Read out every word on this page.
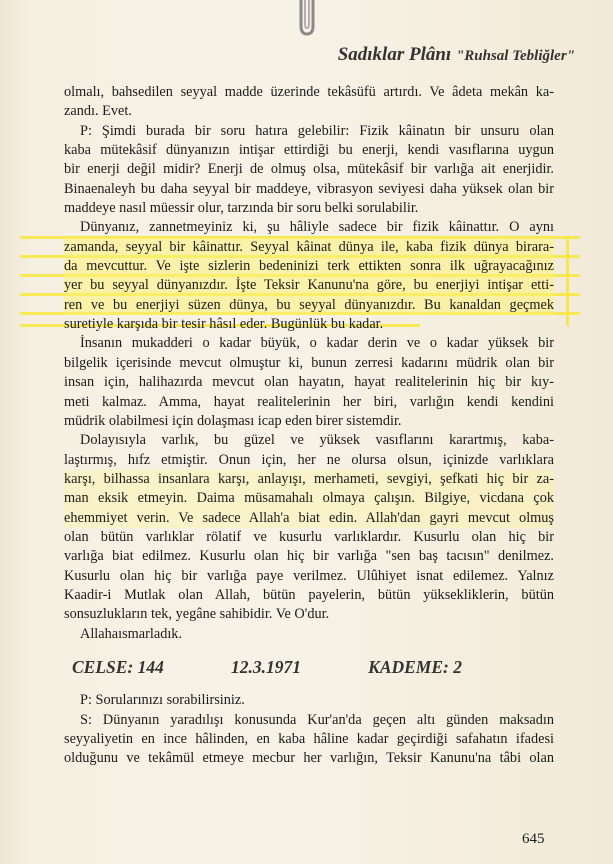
Sadıklar Plânı "Ruhsal Tebliğler"
olmalı, bahsedilen seyyal madde üzerinde tekâsüfü artırdı. Ve âdeta mekân ka-
zandı. Evet.
P: Şimdi burada bir soru hatıra gelebilir: Fizik kâinatın bir unsuru olan
kaba mütekâsif dünyanızın intişar ettirdiği bu enerji, kendi vasıflarına uygun
bir enerji değil midir? Enerji de olmuş olsa, mütekâsif bir varlığa ait enerjidir.
Binaenaleyh bu daha seyyal bir maddeye, vibrasyon seviyesi daha yüksek olan bir
maddeye nasıl müessir olur, tarzında bir soru belki sorulabilir.
Dünyanız, zannetmeyiniz ki, şu hâliyle sadece bir fizik kâinattır. O aynı
zamanda, seyyal bir kâinattır. Seyyal kâinat dünya ile, kaba fizik dünya birara-
da mevcuttur. Ve işte sizlerin bedeninizi terk ettikten sonra ilk uğrayacağınız
yer bu seyyal dünyanızdır. İşte Teksir Kanunu'na göre, bu enerjiyi intişar etti-
ren ve bu enerjiyi süzen dünya, bu seyyal dünyanızdır. Bu kanaldan geçmek
suretiyle karşıda bir tesir hâsıl eder. Bugünlük bu kadar.
İnsanın mukadderi o kadar büyük, o kadar derin ve o kadar yüksek bir
bilgelik içerisinde mevcut olmuştur ki, bunun zerresi kadarını müdrik olan bir
insan için, halihazırda mevcut olan hayatın, hayat realitelerinin hiç bir kıy-
meti kalmaz. Amma, hayat realitelerinin her biri, varlığın kendi kendini
müdrik olabilmesi için dolaşması icap eden birer sistemdir.
Dolayısıyla varlık, bu güzel ve yüksek vasıflarını karartmış, kaba-
laştırmış, hıfz etmiştir. Onun için, her ne olursa olsun, içinizde varlıklara
karşı, bilhassa insanlara karşı, anlayışı, merhameti, sevgiyi, şefkati hiç bir za-
man eksik etmeyin. Daima müsamahalı olmaya çalışın. Bilgiye, vicdana çok
ehemmiyet verin. Ve sadece Allah'a biat edin. Allah'dan gayri mevcut olmuş
olan bütün varlıklar rölatif ve kusurlu varlıklardır. Kusurlu olan hiç bir
varlığa biat edilmez. Kusurlu olan hiç bir varlığa "sen baş tacısın" denilmez.
Kusurlu olan hiç bir varlığa paye verilmez. Ulûhiyet isnat edilemez. Yalnız
Kaadir-i Mutlak olan Allah, bütün payelerin, bütün yüksekliklerin, bütün
sonsuzlukların tek, yegâne sahibidir. Ve O'dur.
Allahaısmarladık.
CELSE: 144	12.3.1971	KADEME: 2
P: Sorularınızı sorabilirsiniz.
S: Dünyanın yaradılışı konusunda Kur'an'da geçen altı günden maksadın
seyyaliyetin en ince hâlinden, en kaba hâline kadar geçirdiği safahatın ifadesi
olduğunu ve tekâmül etmeye mecbur her varlığın, Teksir Kanunu'na tâbi olan
645
